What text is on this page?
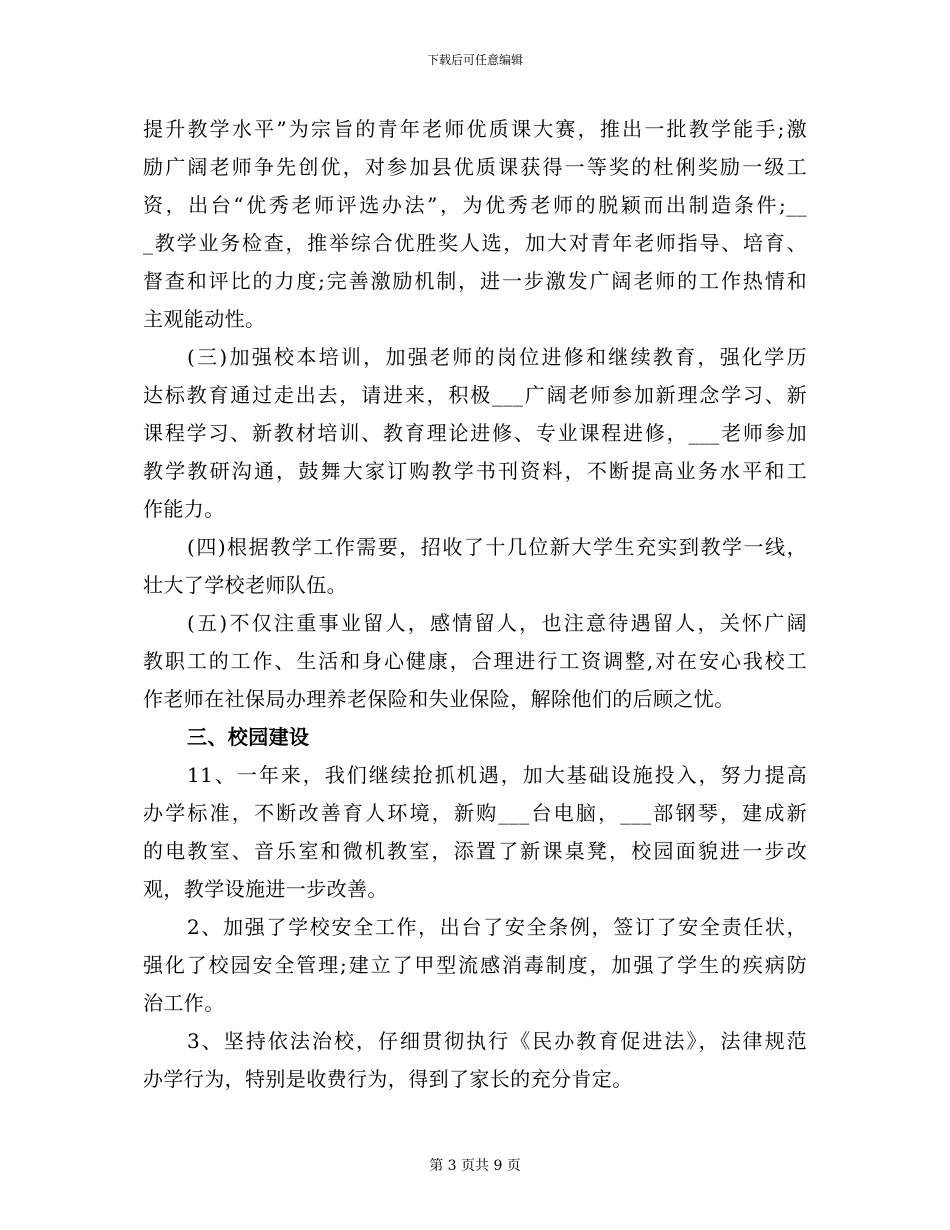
下载后可任意编辑
提升教学水平”为宗旨的青年老师优质课大赛，推出一批教学能手;激
励广阔老师争先创优，对参加县优质课获得一等奖的杜俐奖励一级工
资，出台“优秀老师评选办法”，为优秀老师的脱颖而出制造条件;__
_教学业务检查，推举综合优胜奖人选，加大对青年老师指导、培育、
督查和评比的力度;完善激励机制，进一步激发广阔老师的工作热情和
主观能动性。
(三)加强校本培训，加强老师的岗位进修和继续教育，强化学历
达标教育通过走出去，请进来，积极___广阔老师参加新理念学习、新
课程学习、新教材培训、教育理论进修、专业课程进修，___老师参加
教学教研沟通，鼓舞大家订购教学书刊资料，不断提高业务水平和工
作能力。
(四)根据教学工作需要，招收了十几位新大学生充实到教学一线，
壮大了学校老师队伍。
(五)不仅注重事业留人，感情留人，也注意待遇留人，关怀广阔
教职工的工作、生活和身心健康，合理进行工资调整,对在安心我校工
作老师在社保局办理养老保险和失业保险，解除他们的后顾之忧。
三、校园建设
11、一年来，我们继续抢抓机遇，加大基础设施投入，努力提高
办学标准，不断改善育人环境，新购___台电脑，___部钢琴，建成新
的电教室、音乐室和微机教室，添置了新课桌凳，校园面貌进一步改
观，教学设施进一步改善。
2、加强了学校安全工作，出台了安全条例，签订了安全责任状，
强化了校园安全管理;建立了甲型流感消毒制度，加强了学生的疾病防
治工作。
3、坚持依法治校，仔细贯彻执行《民办教育促进法》，法律规范
办学行为，特别是收费行为，得到了家长的充分肯定。
第 3 页共 9 页
